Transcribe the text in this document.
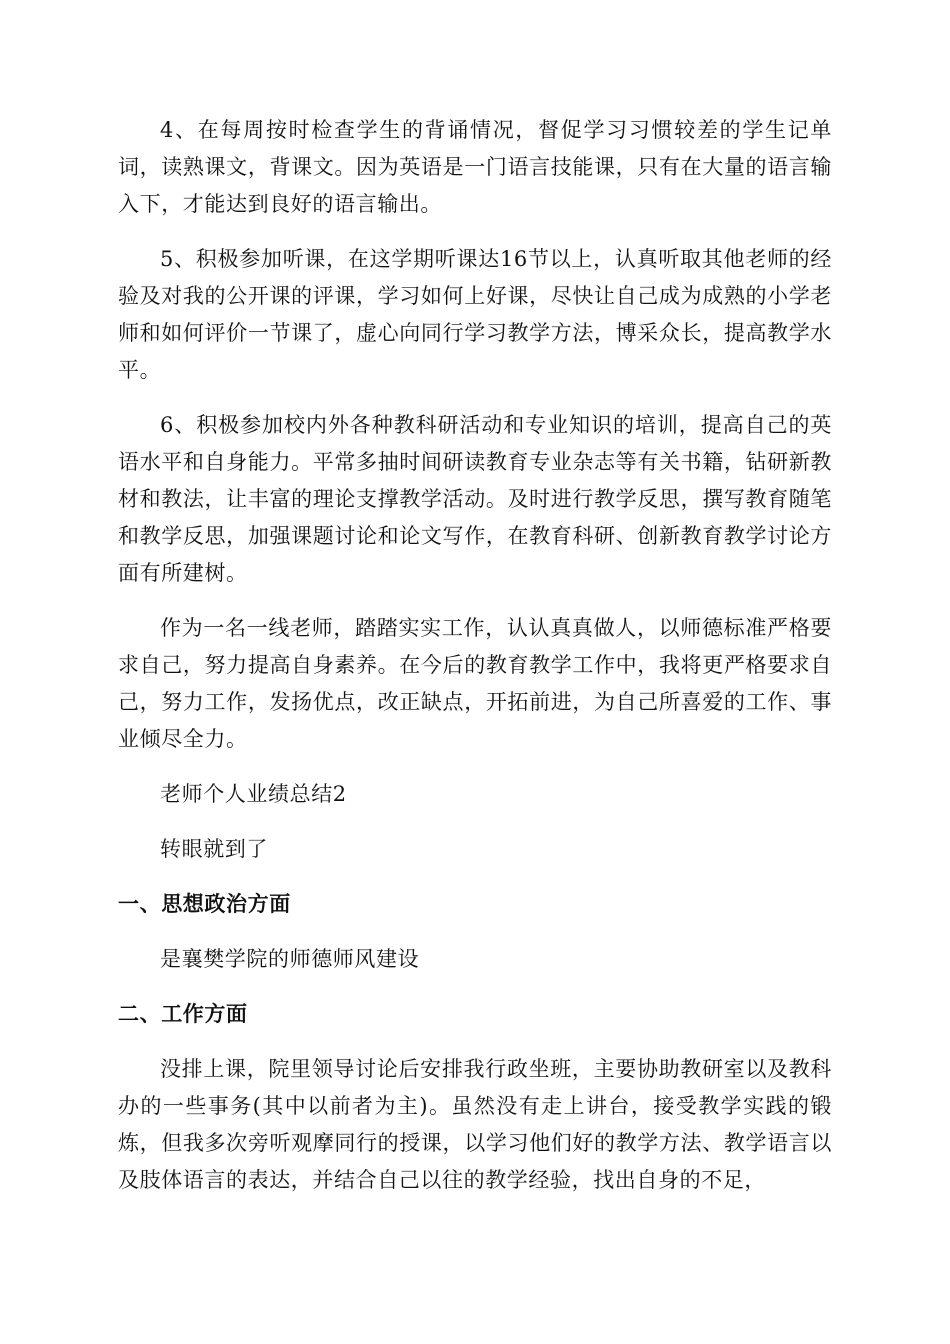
4、在每周按时检查学生的背诵情况，督促学习习惯较差的学生记单词，读熟课文，背课文。因为英语是一门语言技能课，只有在大量的语言输入下，才能达到良好的语言输出。

5、积极参加听课，在这学期听课达16节以上，认真听取其他老师的经验及对我的公开课的评课，学习如何上好课，尽快让自己成为成熟的小学老师和如何评价一节课了，虚心向同行学习教学方法，博采众长，提高教学水平。

6、积极参加校内外各种教科研活动和专业知识的培训，提高自己的英语水平和自身能力。平常多抽时间研读教育专业杂志等有关书籍，钻研新教材和教法，让丰富的理论支撑教学活动。及时进行教学反思，撰写教育随笔和教学反思，加强课题讨论和论文写作，在教育科研、创新教育教学讨论方面有所建树。

作为一名一线老师，踏踏实实工作，认认真真做人，以师德标准严格要求自己，努力提高自身素养。在今后的教育教学工作中，我将更严格要求自己，努力工作，发扬优点，改正缺点，开拓前进，为自己所喜爱的工作、事业倾尽全力。

老师个人业绩总结2

转眼就到了

一、思想政治方面

是襄樊学院的师德师风建设

二、工作方面

没排上课，院里领导讨论后安排我行政坐班，主要协助教研室以及教科办的一些事务(其中以前者为主)。虽然没有走上讲台，接受教学实践的锻炼，但我多次旁听观摩同行的授课，以学习他们好的教学方法、教学语言以及肢体语言的表达，并结合自己以往的教学经验，找出自身的不足，
